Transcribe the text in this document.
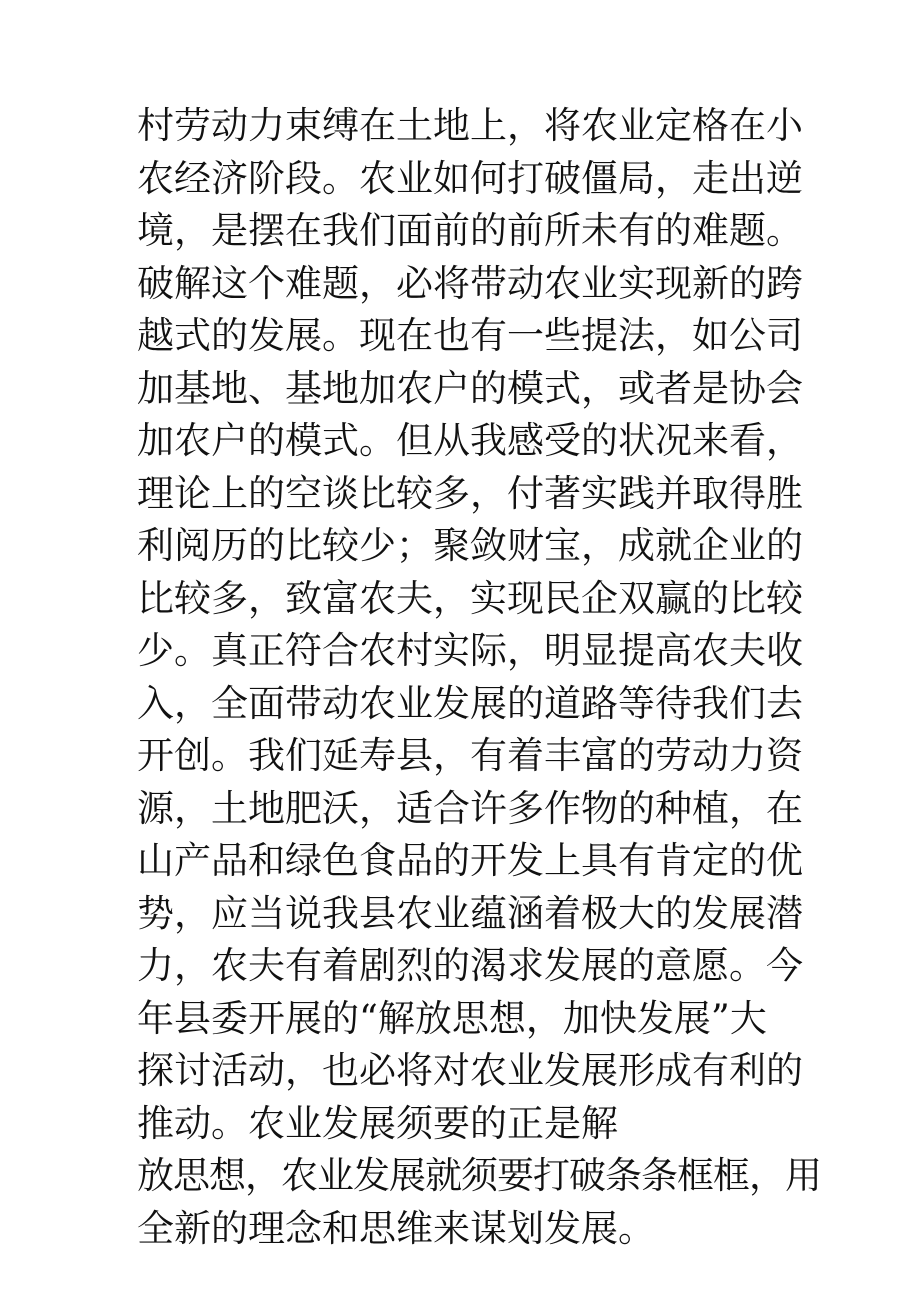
村劳动力束缚在土地上，将农业定格在小
农经济阶段。农业如何打破僵局，走出逆
境，是摆在我们面前的前所未有的难题。
破解这个难题，必将带动农业实现新的跨
越式的发展。现在也有一些提法，如公司
加基地、基地加农户的模式，或者是协会
加农户的模式。但从我感受的状况来看，
理论上的空谈比较多，付著实践并取得胜
利阅历的比较少；聚敛财宝，成就企业的
比较多，致富农夫，实现民企双赢的比较
少。真正符合农村实际，明显提高农夫收
入，全面带动农业发展的道路等待我们去
开创。我们延寿县，有着丰富的劳动力资
源，土地肥沃，适合许多作物的种植，在
山产品和绿色食品的开发上具有肯定的优
势，应当说我县农业蕴涵着极大的发展潜
力，农夫有着剧烈的渴求发展的意愿。今
年县委开展的“解放思想，加快发展”大
探讨活动，也必将对农业发展形成有利的
推动。农业发展须要的正是解
放思想，农业发展就须要打破条条框框，用
全新的理念和思维来谋划发展。
